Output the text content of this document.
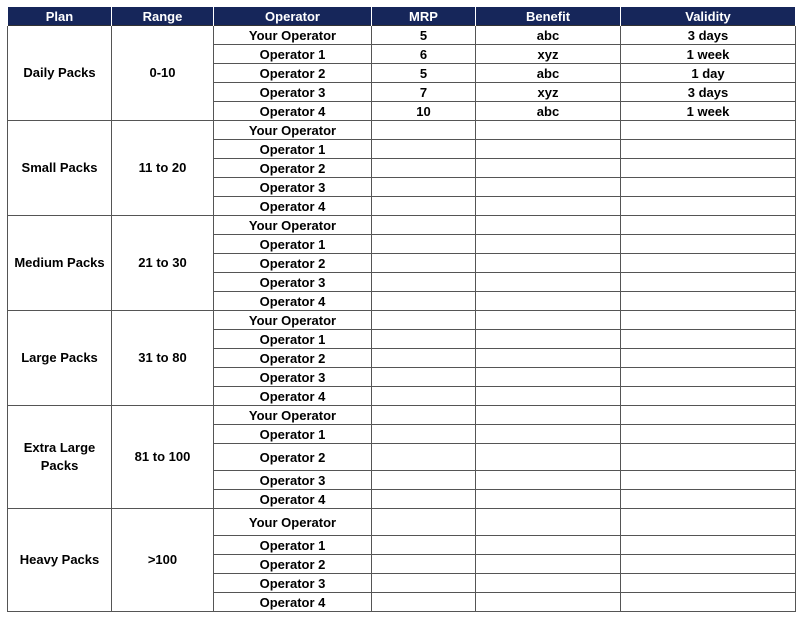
Plan	Range	Operator	MRP	Benefit	Validity
Daily Packs	0-10	Your Operator	5	abc	3 days
		Operator 1	6	xyz	1 week
		Operator 2	5	abc	1 day
		Operator 3	7	xyz	3 days
		Operator 4	10	abc	1 week
Small Packs	11 to 20	Your Operator			
		Operator 1			
		Operator 2			
		Operator 3			
		Operator 4			
Medium Packs	21 to 30	Your Operator			
		Operator 1			
		Operator 2			
		Operator 3			
		Operator 4			
Large Packs	31 to 80	Your Operator			
		Operator 1			
		Operator 2			
		Operator 3			
		Operator 4			
Extra Large Packs	81 to 100	Your Operator			
		Operator 1			
		Operator 2			
		Operator 3			
		Operator 4			
Heavy Packs	>100	Your Operator			
		Operator 1			
		Operator 2			
		Operator 3			
		Operator 4			
